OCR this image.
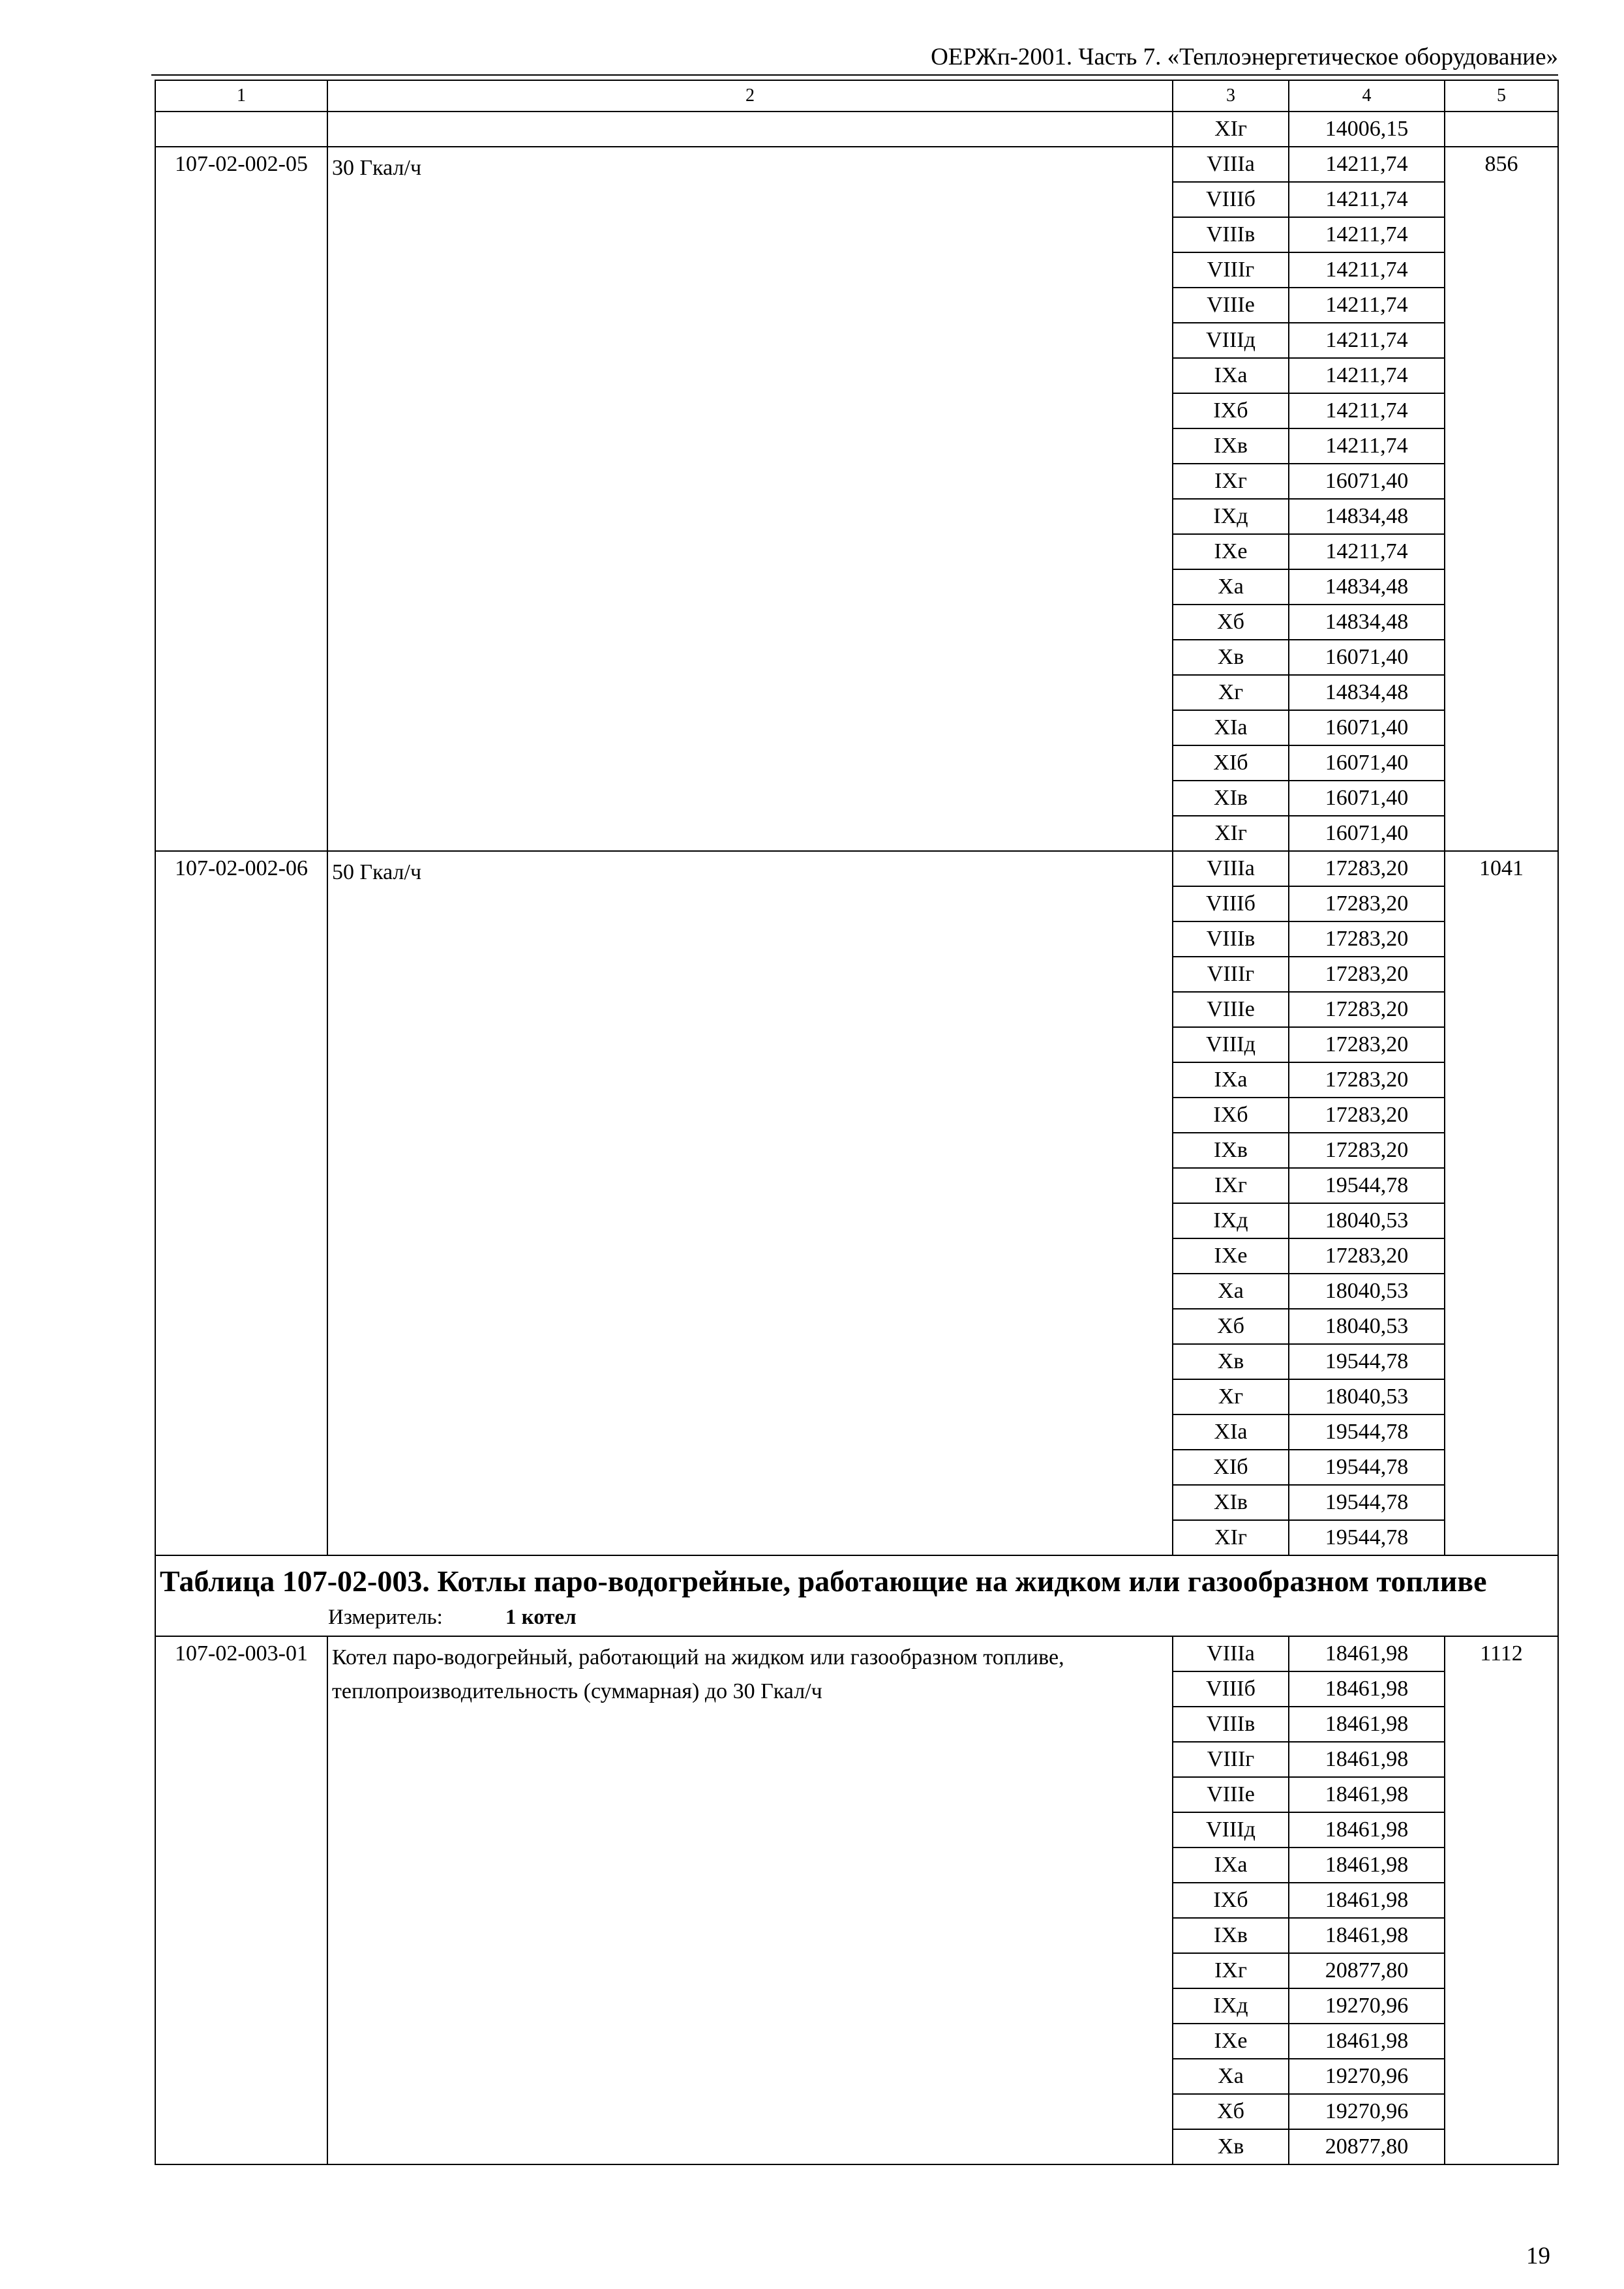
ОЕРЖп-2001. Часть 7. «Теплоэнергетическое оборудование»
1	2	3	4	5
		XIг	14006,15	
107-02-002-05	30 Гкал/ч	VIIIа	14211,74	856
		VIIIб	14211,74	
		VIIIв	14211,74	
		VIIIг	14211,74	
		VIIIе	14211,74	
		VIIIд	14211,74	
		IXа	14211,74	
		IXб	14211,74	
		IXв	14211,74	
		IXг	16071,40	
		IXд	14834,48	
		IXе	14211,74	
		Xа	14834,48	
		Xб	14834,48	
		Xв	16071,40	
		Xг	14834,48	
		XIа	16071,40	
		XIб	16071,40	
		XIв	16071,40	
		XIг	16071,40	
107-02-002-06	50 Гкал/ч	VIIIа	17283,20	1041
		VIIIб	17283,20	
		VIIIв	17283,20	
		VIIIг	17283,20	
		VIIIе	17283,20	
		VIIIд	17283,20	
		IXа	17283,20	
		IXб	17283,20	
		IXв	17283,20	
		IXг	19544,78	
		IXд	18040,53	
		IXе	17283,20	
		Xа	18040,53	
		Xб	18040,53	
		Xв	19544,78	
		Xг	18040,53	
		XIа	19544,78	
		XIб	19544,78	
		XIв	19544,78	
		XIг	19544,78	

Таблица 107-02-003. Котлы паро-водогрейные, работающие на жидком или газообразном топливе
Измеритель: 1 котел				

107-02-003-01	Котел паро-водогрейный, работающий на жидком или газообразном топливе, теплопроизводительность (суммарная) до 30 Гкал/ч	VIIIа	18461,98	1112
		VIIIб	18461,98	
		VIIIв	18461,98	
		VIIIг	18461,98	
		VIIIе	18461,98	
		VIIIд	18461,98	
		IXа	18461,98	
		IXб	18461,98	
		IXв	18461,98	
		IXг	20877,80	
		IXд	19270,96	
		IXе	18461,98	
		Xа	19270,96	
		Xб	19270,96	
		Xв	20877,80	
19
